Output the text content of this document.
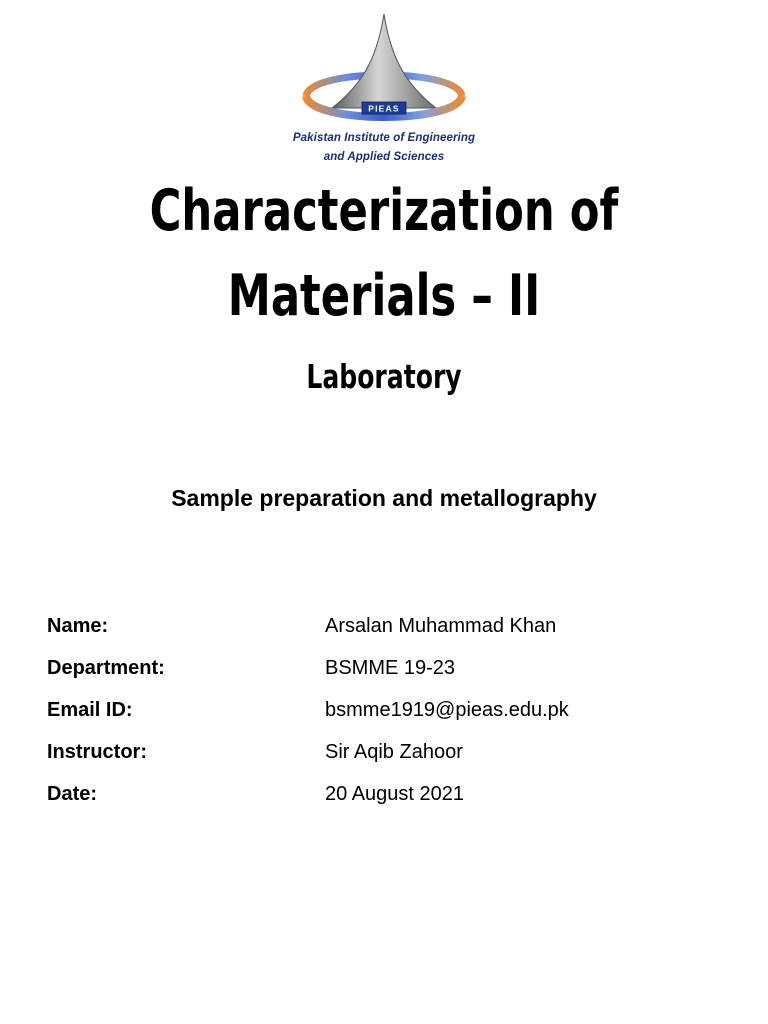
PIEAS
Pakistan Institute of Engineering
and Applied Sciences
Characterization of
Materials – II
Laboratory
Sample preparation and metallography
Name:	Arsalan Muhammad Khan
Department:	BSMME 19-23
Email ID:	bsmme1919@pieas.edu.pk
Instructor:	Sir Aqib Zahoor
Date:	20 August 2021
